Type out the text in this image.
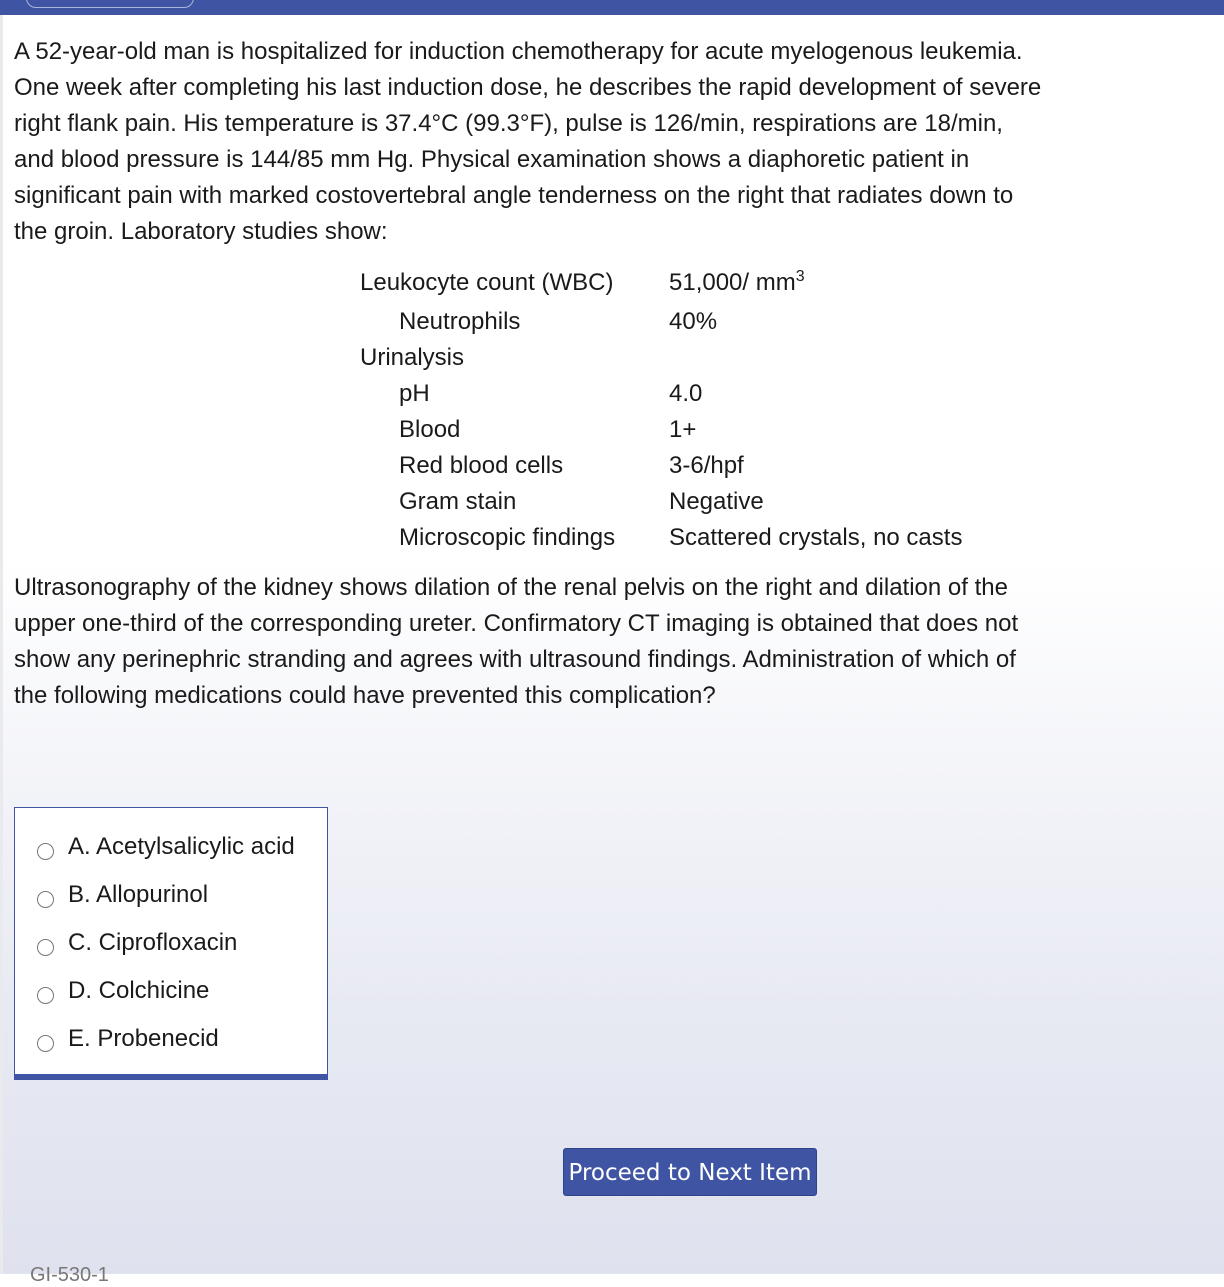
A 52-year-old man is hospitalized for induction chemotherapy for acute myelogenous leukemia. One week after completing his last induction dose, he describes the rapid development of severe right flank pain. His temperature is 37.4°C (99.3°F), pulse is 126/min, respirations are 18/min, and blood pressure is 144/85 mm Hg. Physical examination shows a diaphoretic patient in significant pain with marked costovertebral angle tenderness on the right that radiates down to the groin. Laboratory studies show:

Leukocyte count (WBC) 51,000/ $mm^3$
Neutrophils	40%
Urinalysis
pH	4.0
Blood	1+
Red blood cells	3-6/hpf
Gram stain	Negative
Microscopic findings Scattered crystals, no casts

Ultrasonography of the kidney shows dilation of the renal pelvis on the right and dilation of the upper one-third of the corresponding ureter. Confirmatory CT imaging is obtained that does not show any perinephric stranding and agrees with ultrasound findings. Administration of which of the following medications could have prevented this complication?

A. Acetylsalicylic acid
B. Allopurinol
C. Ciprofloxacin
D. Colchicine
E. Probenecid
Proceed to Next Item
GI-530-1
